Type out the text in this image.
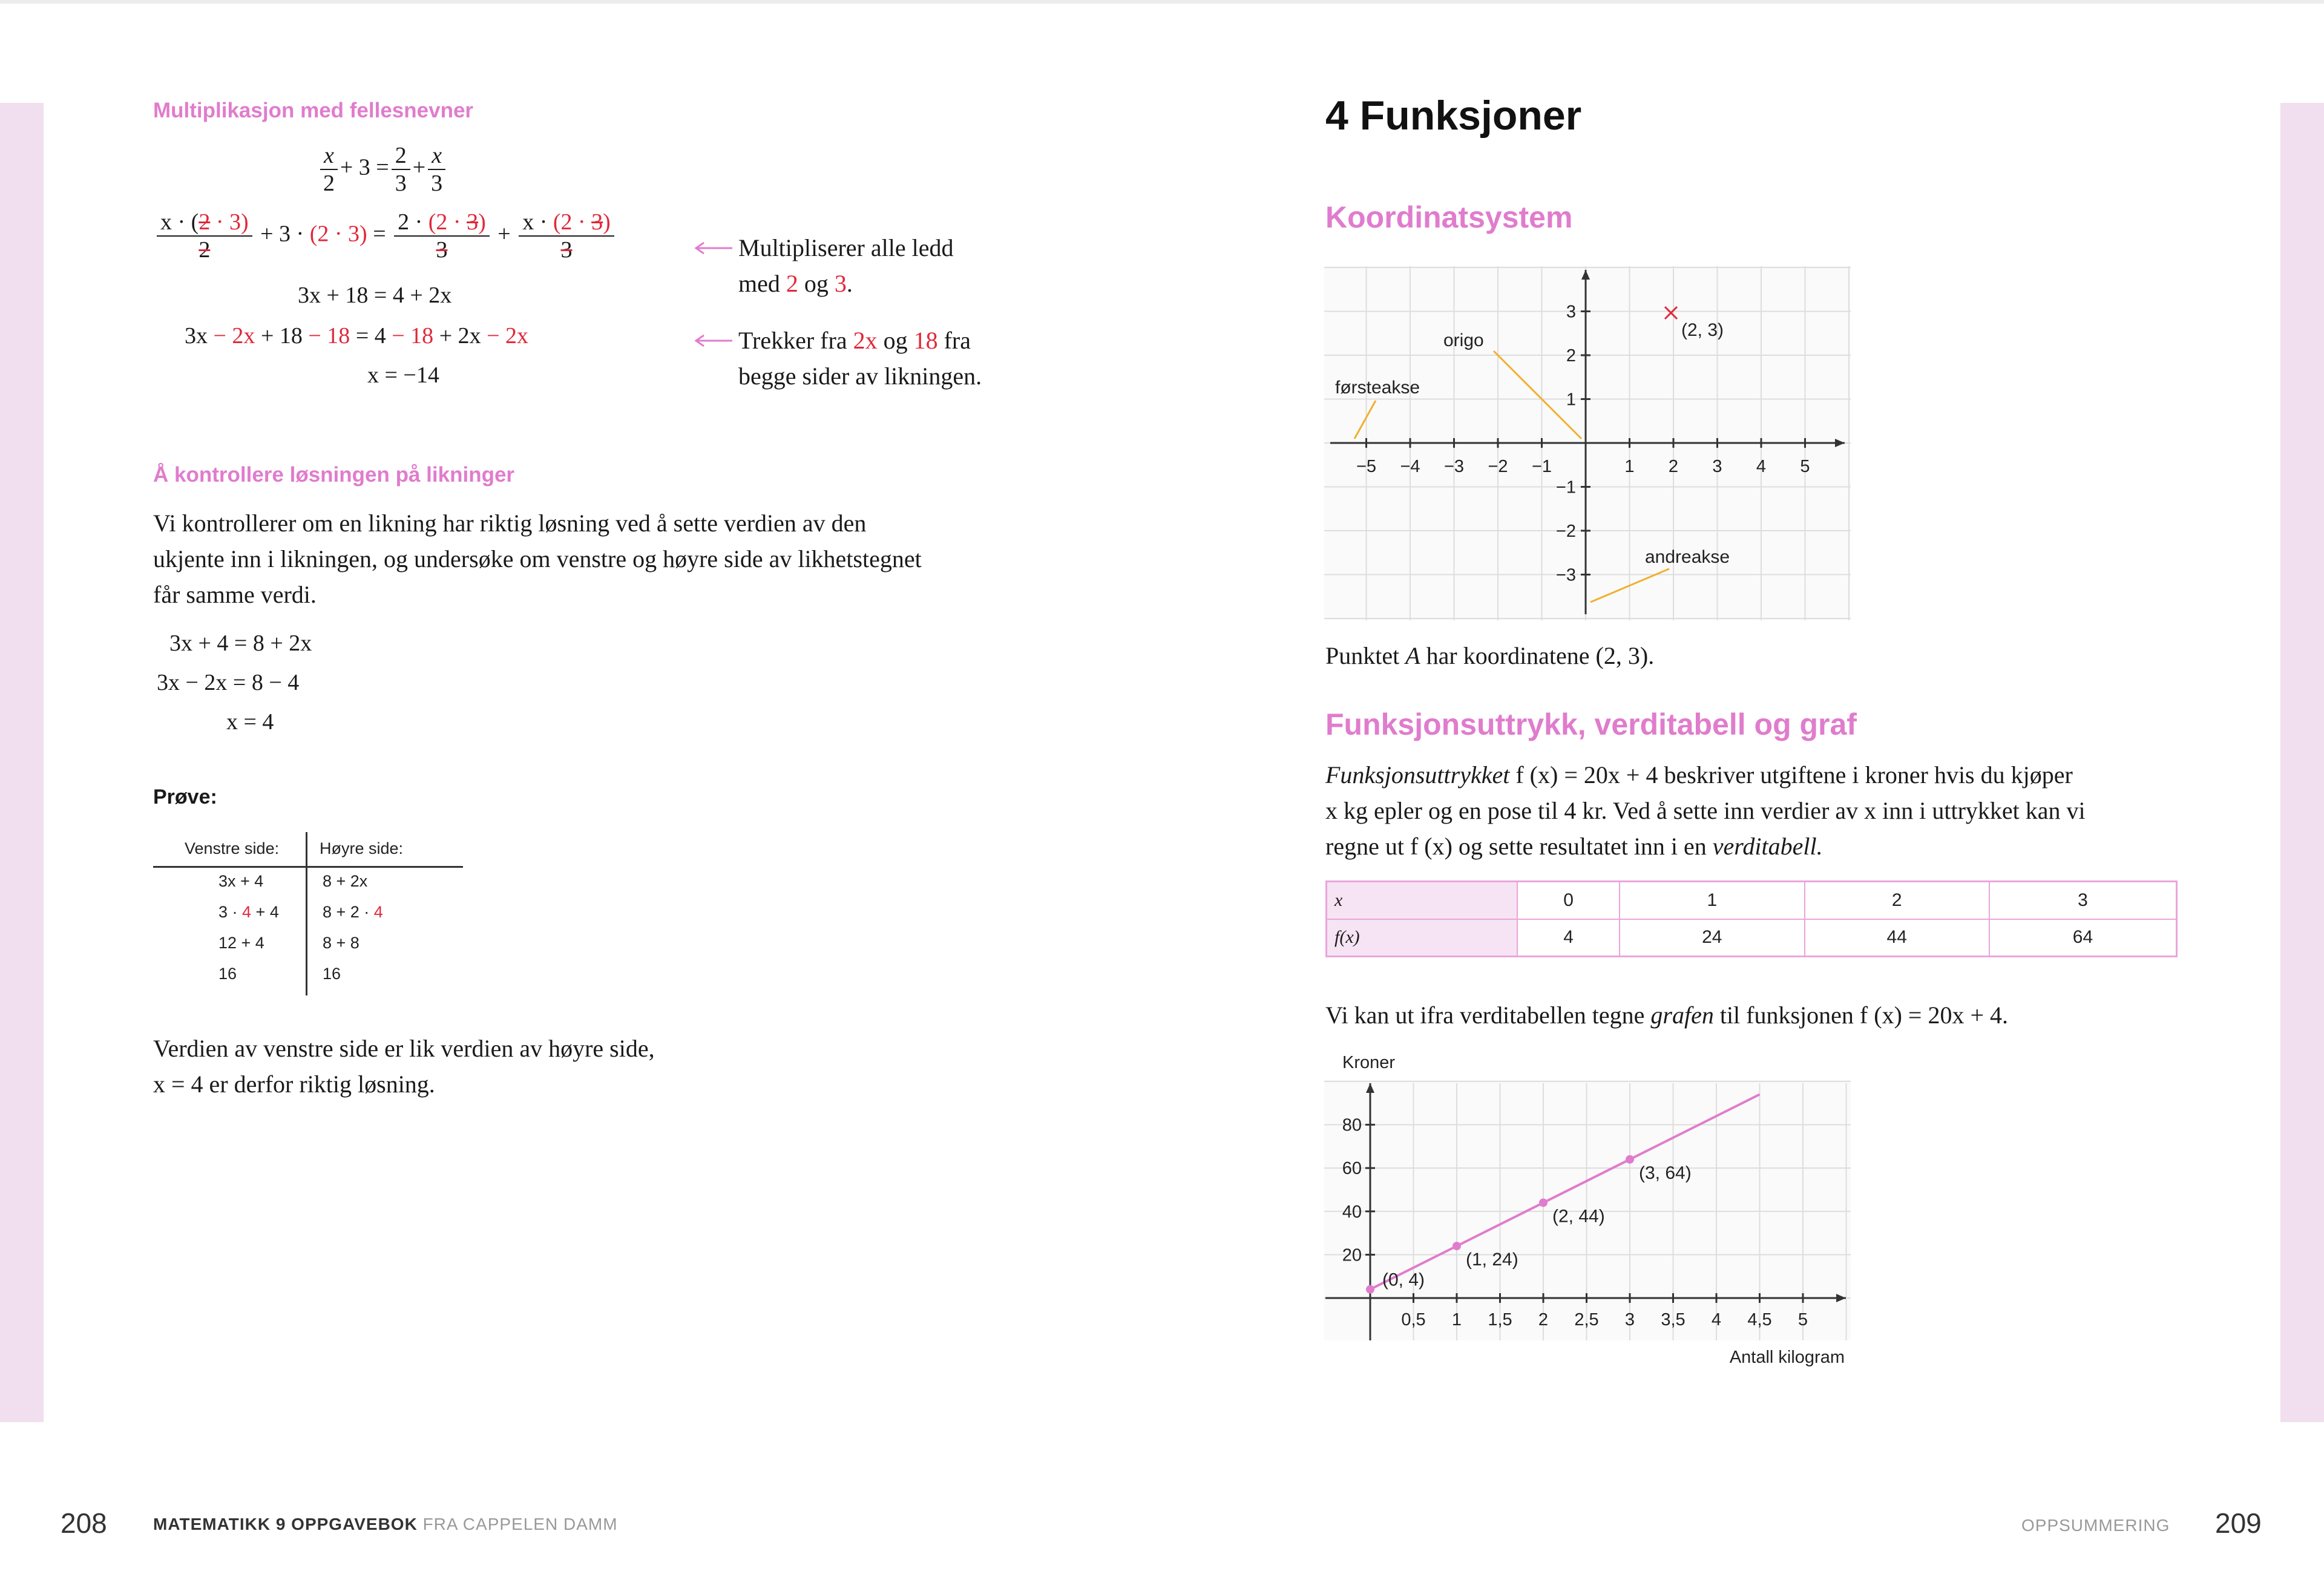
Multiplikasjon med fellesnevner
$\frac{x}{2} + 3 = \frac{2}{3} + \frac{x}{3}$
$\frac{x \cdot (2 \cdot 3)}{2} + 3 \cdot (2 \cdot 3) = \frac{2 \cdot (2 \cdot 3)}{3} + \frac{x \cdot (2 \cdot 3)}{3}$
3x + 18 = 4 + 2x
3x − 2x + 18 − 18 = 4 − 18 + 2x − 2x
x = −14
Multipliserer alle ledd
med 2 og 3.
Trekker fra 2x og 18 fra
begge sider av likningen.
Å kontrollere løsningen på likninger
Vi kontrollerer om en likning har riktig løsning ved å sette verdien av den
ukjente inn i likningen, og undersøke om venstre og høyre side av likhetstegnet
får samme verdi.
3x + 4 = 8 + 2x
3x − 2x = 8 − 4
x = 4
Prøve:
Venstre side: Høyre side:
3x + 4	8 + 2x
3 · 4 + 4	8 + 2 · 4
12 + 4	8 + 8
16	16
Verdien av venstre side er lik verdien av høyre side,
x = 4 er derfor riktig løsning.
208	MATEMATIKK 9 OPPGAVEBOK FRA CAPPELEN DAMM
4 Funksjoner
Koordinatsystem
−5 −4 −3 −2 −1	1 2 3 4 5
3
2
1
−1
−2
−3
(2, 3)
origo
førsteakse
andreakse
Punktet A har koordinatene (2, 3).
Funksjonsuttrykk, verditabell og graf
Funksjonsuttrykket f (x) = 20x + 4 beskriver utgiftene i kroner hvis du kjøper
x kg epler og en pose til 4 kr. Ved å sette inn verdier av x inn i uttrykket kan vi
regne ut f (x) og sette resultatet inn i en verditabell.
x	0	1	2	3
f(x)	4	24	44	64
Vi kan ut ifra verditabellen tegne grafen til funksjonen f (x) = 20x + 4.
Kroner
Antall kilogram
0,5 1 1,5 2 2,5 3 3,5 4 4,5 5
20
40
60
80
(0, 4)
(1, 24)
(2, 44)
(3, 64)
OPPSUMMERING 209
